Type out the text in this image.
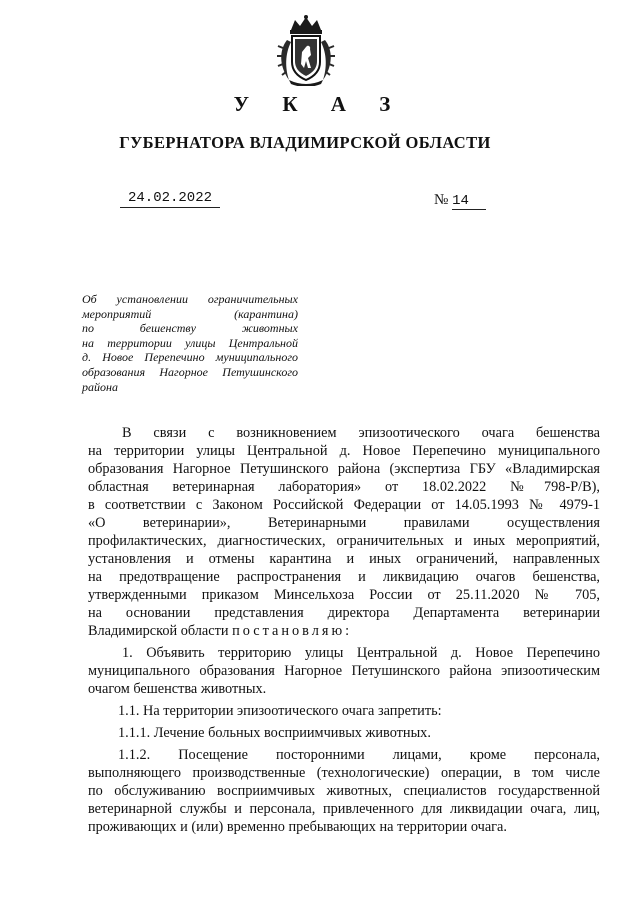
У К А З
ГУБЕРНАТОРА ВЛАДИМИРСКОЙ ОБЛАСТИ
24.02.2022	№ 14
Об установлении ограничительных
мероприятий (карантина)
по бешенству животных
на территории улицы Центральной
д. Новое Перепечино муниципального
образования Нагорное Петушинского
района
В связи с возникновением эпизоотического очага бешенства
на территории улицы Центральной д. Новое Перепечино муниципального
образования Нагорное Петушинского района (экспертиза ГБУ «Владимирская
областная ветеринарная лаборатория» от 18.02.2022 №798-Р/В),
в соответствии с Законом Российской Федерации от 14.05.1993 № 4979-1
«О ветеринарии», Ветеринарными правилами осуществления
профилактических, диагностических, ограничительных и иных мероприятий,
установления и отмены карантина и иных ограничений, направленных
на предотвращение распространения и ликвидацию очагов бешенства,
утвержденными приказом Минсельхоза России от 25.11.2020 № 705,
на основании представления директора Департамента ветеринарии
Владимирской области постановляю:
1. Объявить территорию улицы Центральной д. Новое Перепечино
муниципального образования Нагорное Петушинского района эпизоотическим
очагом бешенства животных.
1.1. На территории эпизоотического очага запретить:
1.1.1. Лечение больных восприимчивых животных.
1.1.2. Посещение посторонними лицами, кроме персонала,
выполняющего производственные (технологические) операции, в том числе
по обслуживанию восприимчивых животных, специалистов государственной
ветеринарной службы и персонала, привлеченного для ликвидации очага, лиц,
проживающих и (или) временно пребывающих на территории очага.
